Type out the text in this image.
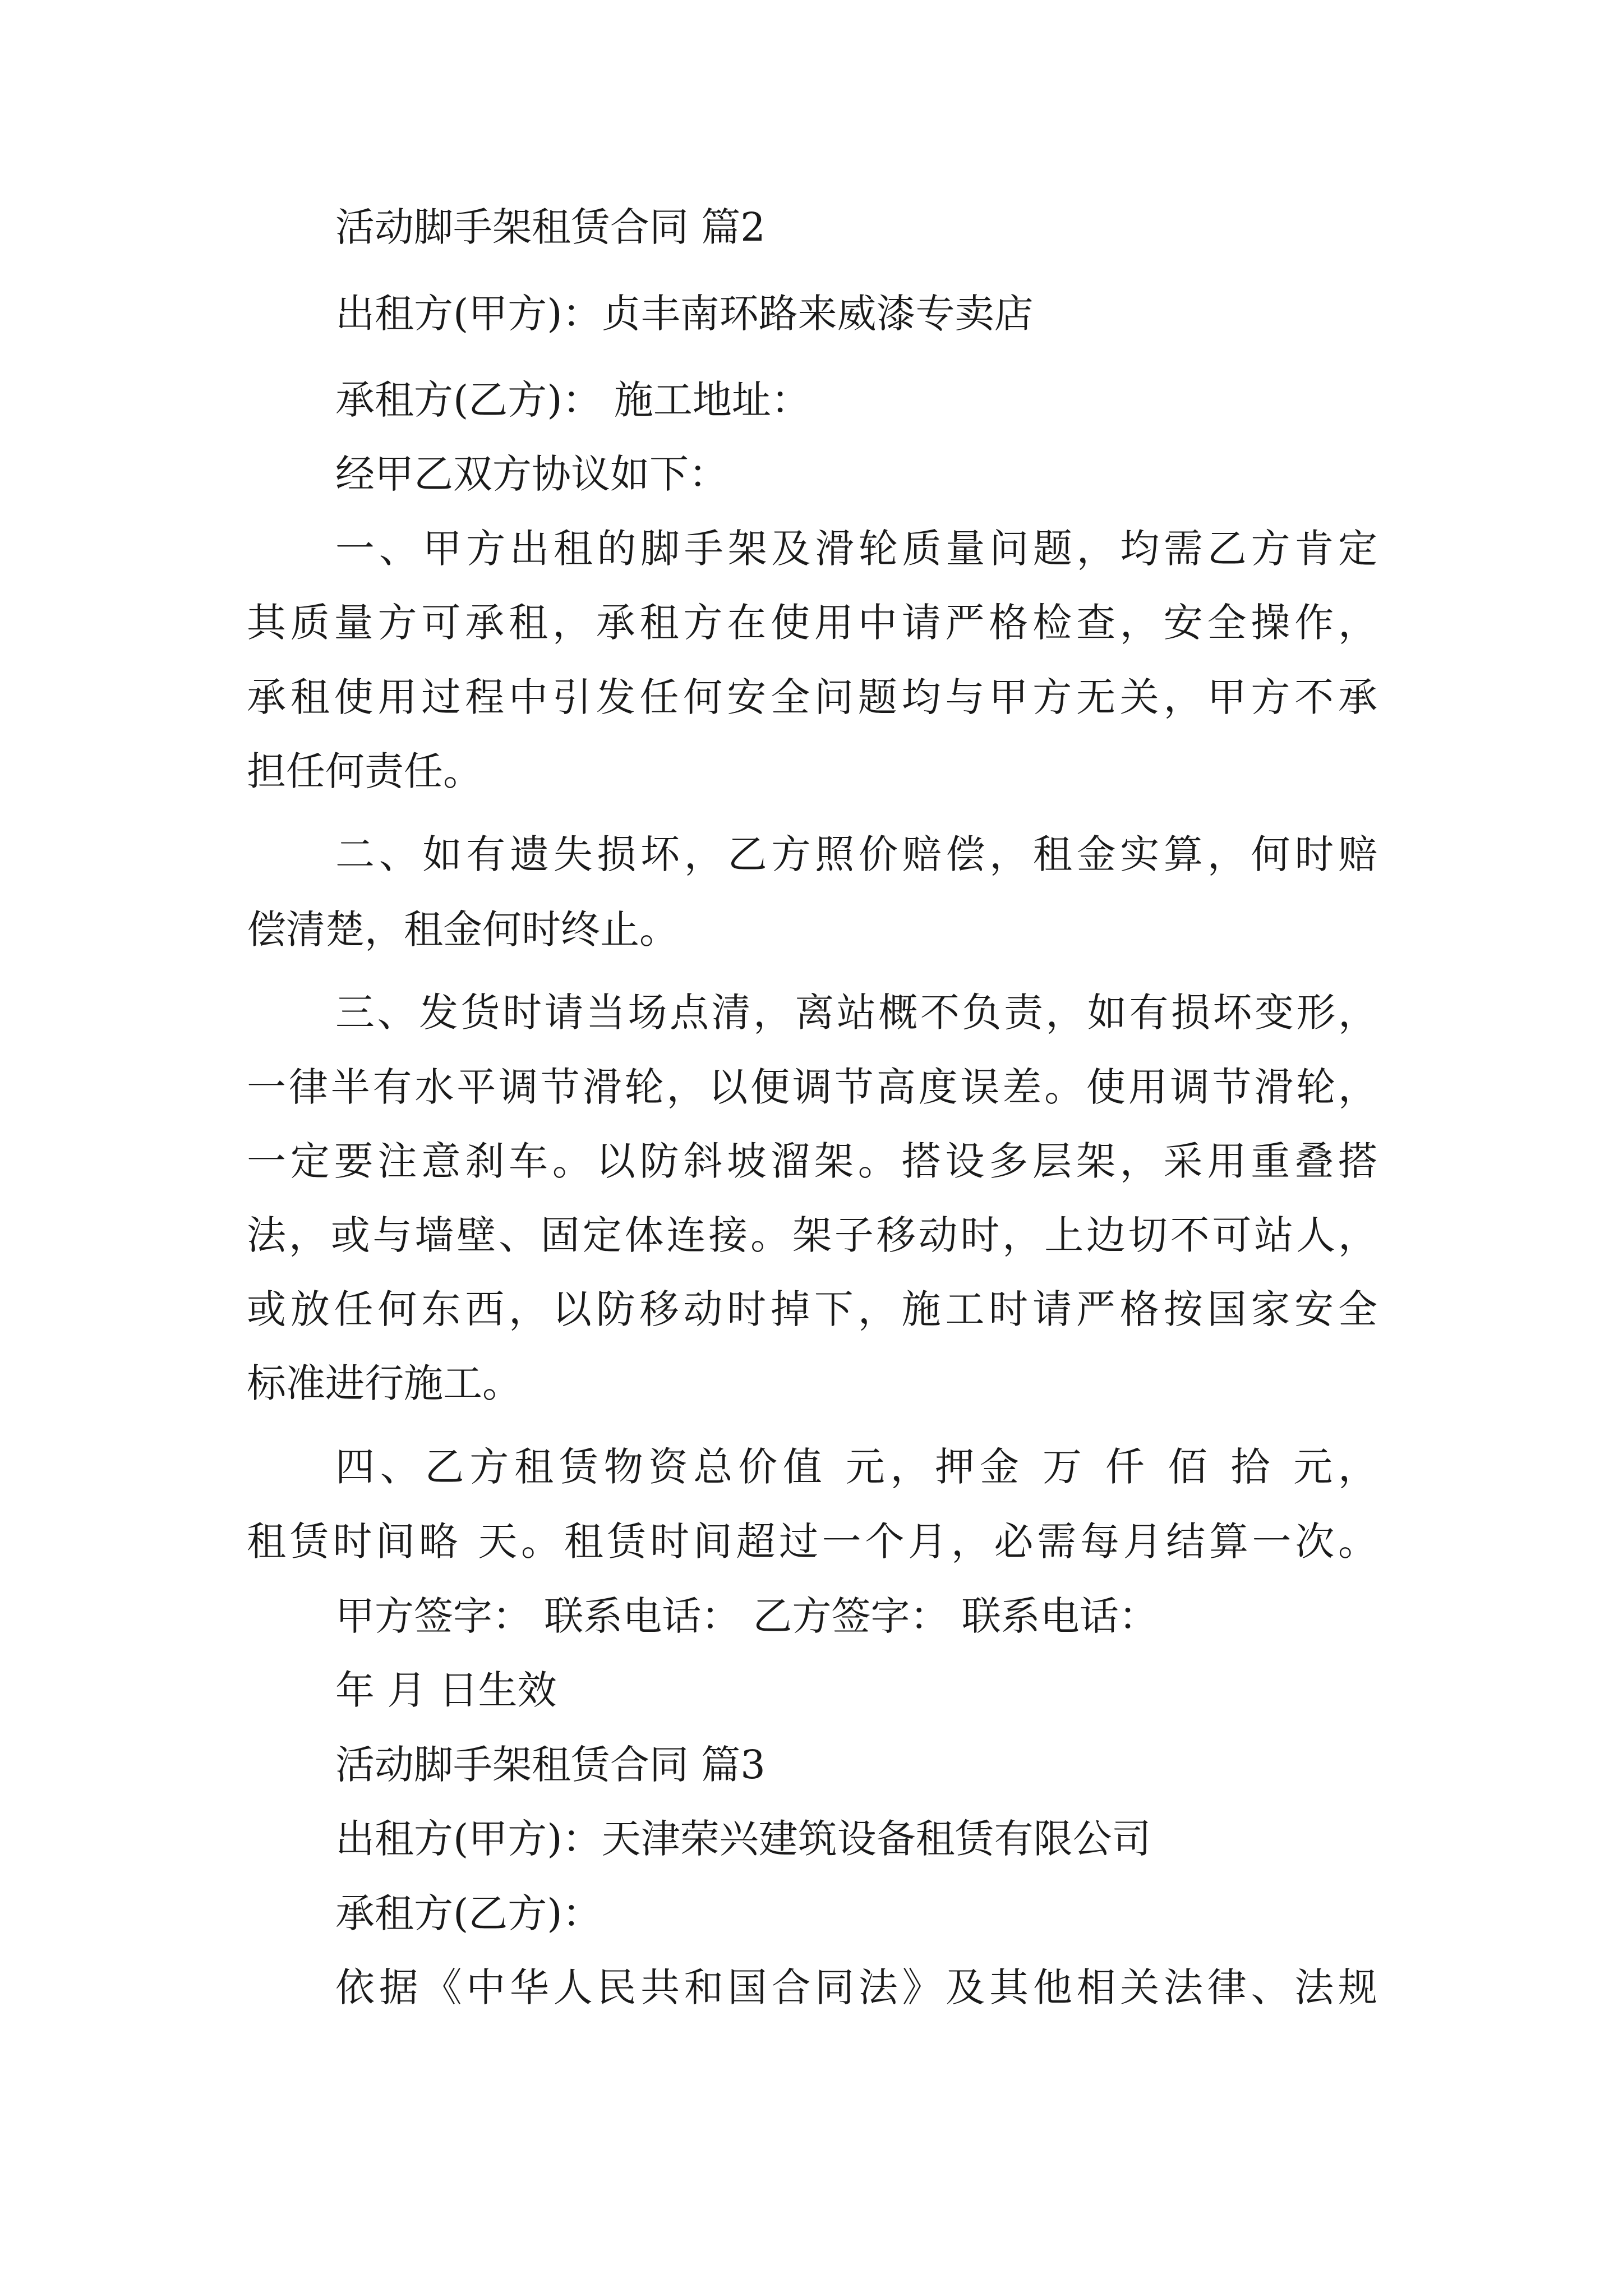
活动脚手架租赁合同 篇2

出租方(甲方)：贞丰南环路来威漆专卖店

承租方(乙方)： 施工地址：

经甲乙双方协议如下：

一、甲方出租的脚手架及滑轮质量问题，均需乙方肯定

其质量方可承租，承租方在使用中请严格检查，安全操作，

承租使用过程中引发任何安全问题均与甲方无关，甲方不承

担任何责任。

二、如有遗失损坏，乙方照价赔偿，租金实算，何时赔

偿清楚，租金何时终止。

三、发货时请当场点清，离站概不负责，如有损坏变形，

一律半有水平调节滑轮，以便调节高度误差。使用调节滑轮，

一定要注意刹车。以防斜坡溜架。搭设多层架，采用重叠搭

法，或与墙壁、固定体连接。架子移动时，上边切不可站人，

或放任何东西，以防移动时掉下，施工时请严格按国家安全

标准进行施工。

四、乙方租赁物资总价值 元，押金 万 仟 佰 拾 元，

租赁时间略 天。租赁时间超过一个月，必需每月结算一次。

甲方签字： 联系电话： 乙方签字： 联系电话：

年 月 日生效

活动脚手架租赁合同 篇3

出租方(甲方)：天津荣兴建筑设备租赁有限公司

承租方(乙方)：

依据《中华人民共和国合同法》及其他相关法律、法规
